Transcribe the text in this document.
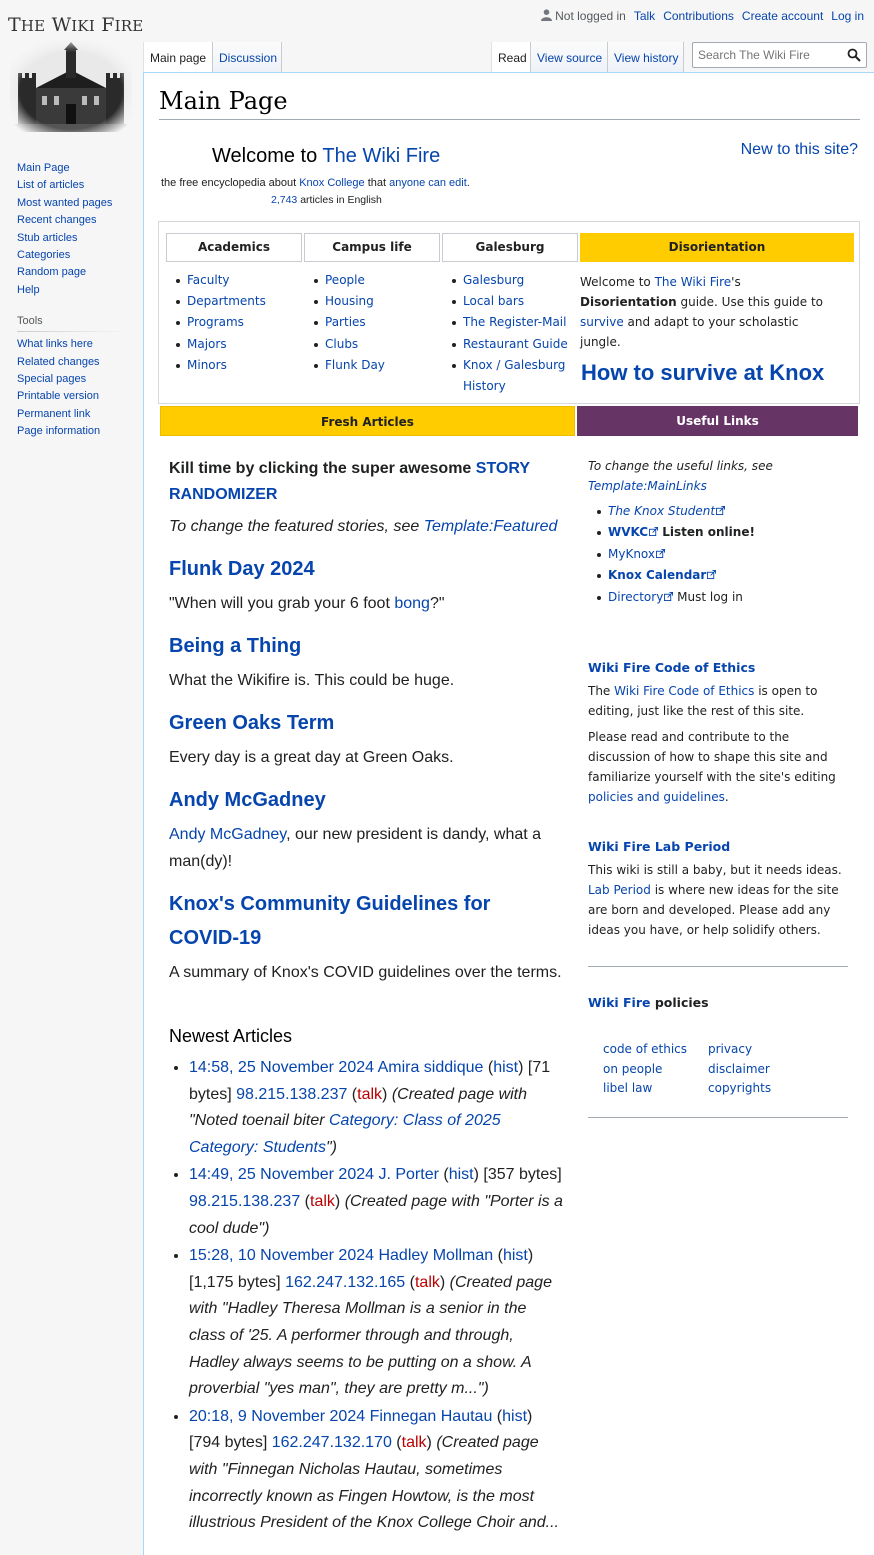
THE WIKI FIRE
Not logged in Talk Contributions Create account Log in
Main page	Discussion	Read View source View history
Search The Wiki Fire
Main Page
List of articles
Most wanted pages
Recent changes
Stub articles
Categories
Random page
Help
Tools
What links here
Related changes
Special pages
Printable version
Permanent link
Page information
Main Page
Welcome to The Wiki Fire	New to this site?
the free encyclopedia about Knox College that anyone can edit.
2,743 articles in English
Academics	Campus life	Galesburg	Disorientation
Faculty
Departments
Programs
Majors
Minors
People
Housing
Parties
Clubs
Flunk Day
Galesburg
Local bars
The Register-Mail
Restaurant Guide
Knox / Galesburg History
Welcome to The Wiki Fire's Disorientation guide. Use this guide to survive and adapt to your scholastic jungle.
How to survive at Knox
Fresh Articles	Useful Links

Kill time by clicking the super awesome STORY RANDOMIZER

To change the featured stories, see Template:Featured

Flunk Day 2024

"When will you grab your 6 foot bong?"

Being a Thing

What the Wikifire is. This could be huge.

Green Oaks Term

Every day is a great day at Green Oaks.

Andy McGadney

Andy McGadney, our new president is dandy, what a man(dy)!

Knox's Community Guidelines for COVID-19

A summary of Knox's COVID guidelines over the terms.

Newest Articles
• 14:58, 25 November 2024 Amira siddique (hist) [71 bytes] 98.215.138.237 (talk) (Created page with "Noted toenail biter Category: Class of 2025 Category: Students")
• 14:49, 25 November 2024 J. Porter (hist) [357 bytes] 98.215.138.237 (talk) (Created page with "Porter is a cool dude")
• 15:28, 10 November 2024 Hadley Mollman (hist) [1,175 bytes] 162.247.132.165 (talk) (Created page with "Hadley Theresa Mollman is a senior in the class of '25. A performer through and through, Hadley always seems to be putting on a show. A proverbial "yes man", they are pretty m...")
• 20:18, 9 November 2024 Finnegan Hautau (hist) [794 bytes] 162.247.132.170 (talk) (Created page with "Finnegan Nicholas Hautau, sometimes incorrectly known as Fingen Howtow, is the most illustrious President of the Knox College Choir and...

To change the useful links, see Template:MainLinks

The Knox Student
WVKC Listen online!
MyKnox
Knox Calendar
Directory Must log in

Wiki Fire Code of Ethics

The Wiki Fire Code of Ethics is open to editing, just like the rest of this site.

Please read and contribute to the discussion of how to shape this site and familiarize yourself with the site's editing policies and guidelines.

Wiki Fire Lab Period

This wiki is still a baby, but it needs ideas. Lab Period is where new ideas for the site are born and developed. Please add any ideas you have, or help solidify others.

Wiki Fire policies

code of ethics	privacy
on people	disclaimer
libel law	copyrights
